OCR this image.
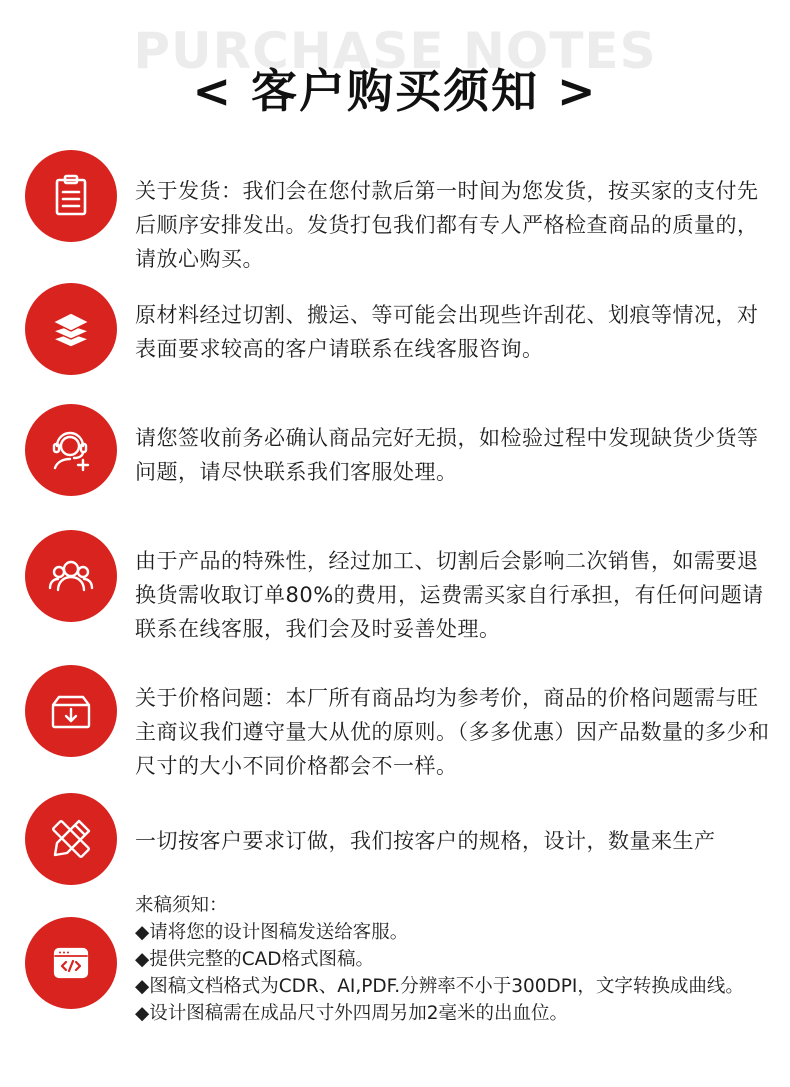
PURCHASE NOTES
< 客户购买须知 >
关于发货：我们会在您付款后第一时间为您发货，按买家的支付先后顺序安排发出。发货打包我们都有专人严格检查商品的质量的，请放心购买。
原材料经过切割、搬运、等可能会出现些许刮花、划痕等情况，对表面要求较高的客户请联系在线客服咨询。
请您签收前务必确认商品完好无损，如检验过程中发现缺货少货等问题，请尽快联系我们客服处理。
由于产品的特殊性，经过加工、切割后会影响二次销售，如需要退换货需收取订单80%的费用，运费需买家自行承担，有任何问题请联系在线客服，我们会及时妥善处理。
关于价格问题：本厂所有商品均为参考价，商品的价格问题需与旺主商议我们遵守量大从优的原则。（多多优惠）因产品数量的多少和尺寸的大小不同价格都会不一样。
一切按客户要求订做，我们按客户的规格，设计，数量来生产
来稿须知：
◆请将您的设计图稿发送给客服。
◆提供完整的CAD格式图稿。
◆图稿文档格式为CDR、AI,PDF.分辨率不小于300DPI，文字转换成曲线。
◆设计图稿需在成品尺寸外四周另加2毫米的出血位。
